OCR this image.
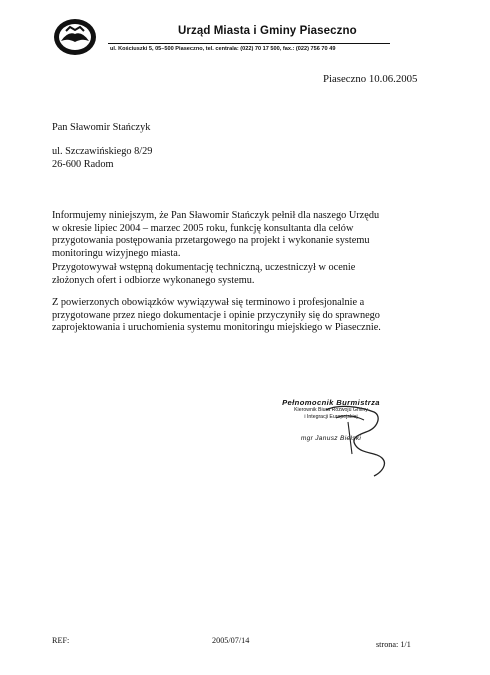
Urząd Miasta i Gminy Piaseczno
ul. Kościuszki 5, 05–500 Piaseczno, tel. centrala: (022) 70 17 500, fax.: (022) 756 70 49
Piaseczno 10.06.2005
Pan Sławomir Stańczyk
ul. Szczawińskiego 8/29
26-600 Radom
Informujemy niniejszym, że Pan Sławomir Stańczyk pełnił dla naszego Urzędu
w okresie lipiec 2004 – marzec 2005 roku, funkcję konsultanta dla celów
przygotowania postępowania przetargowego na projekt i wykonanie systemu
monitoringu wizyjnego miasta.
Przygotowywał wstępną dokumentację techniczną, uczestniczył w ocenie
złożonych ofert i odbiorze wykonanego systemu.
Z powierzonych obowiązków wywiązywał się terminowo i profesjonalnie a
przygotowane przez niego dokumentacje i opinie przyczyniły się do sprawnego
zaprojektowania i uruchomienia systemu monitoringu miejskiego w Piasecznie.
Pełnomocnik Burmistrza
Kierownik Biura Rozwoju Gminy
i Integracji Europejskiej
mgr Janusz Bielski
REF:	2005/07/14	strona: 1/1
